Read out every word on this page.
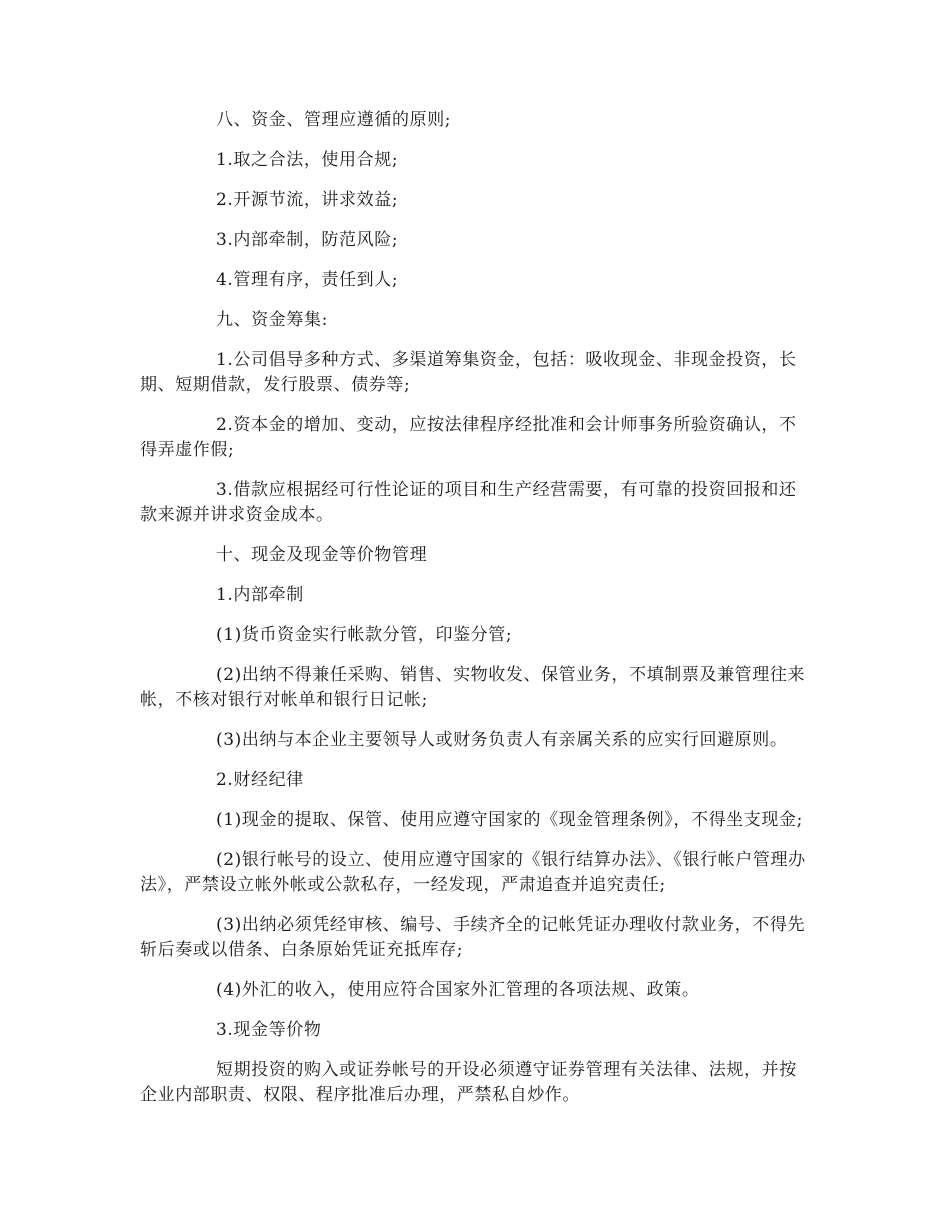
八、资金、管理应遵循的原则;

1.取之合法，使用合规;

2.开源节流，讲求效益;

3.内部牵制，防范风险;

4.管理有序，责任到人;

九、资金筹集:

1.公司倡导多种方式、多渠道筹集资金，包括：吸收现金、非现金投资，长期、短期借款，发行股票、债券等;

2.资本金的增加、变动，应按法律程序经批准和会计师事务所验资确认，不得弄虚作假;

3.借款应根据经可行性论证的项目和生产经营需要，有可靠的投资回报和还款来源并讲求资金成本。

十、现金及现金等价物管理

1.内部牵制

(1)货币资金实行帐款分管，印鉴分管;

(2)出纳不得兼任采购、销售、实物收发、保管业务，不填制票及兼管理往来帐，不核对银行对帐单和银行日记帐;

(3)出纳与本企业主要领导人或财务负责人有亲属关系的应实行回避原则。

2.财经纪律

(1)现金的提取、保管、使用应遵守国家的《现金管理条例》，不得坐支现金;

(2)银行帐号的设立、使用应遵守国家的《银行结算办法》、《银行帐户管理办法》，严禁设立帐外帐或公款私存，一经发现，严肃追查并追究责任;

(3)出纳必须凭经审核、编号、手续齐全的记帐凭证办理收付款业务，不得先斩后奏或以借条、白条原始凭证充抵库存;

(4)外汇的收入，使用应符合国家外汇管理的各项法规、政策。

3.现金等价物

短期投资的购入或证券帐号的开设必须遵守证券管理有关法律、法规，并按企业内部职责、权限、程序批准后办理，严禁私自炒作。
